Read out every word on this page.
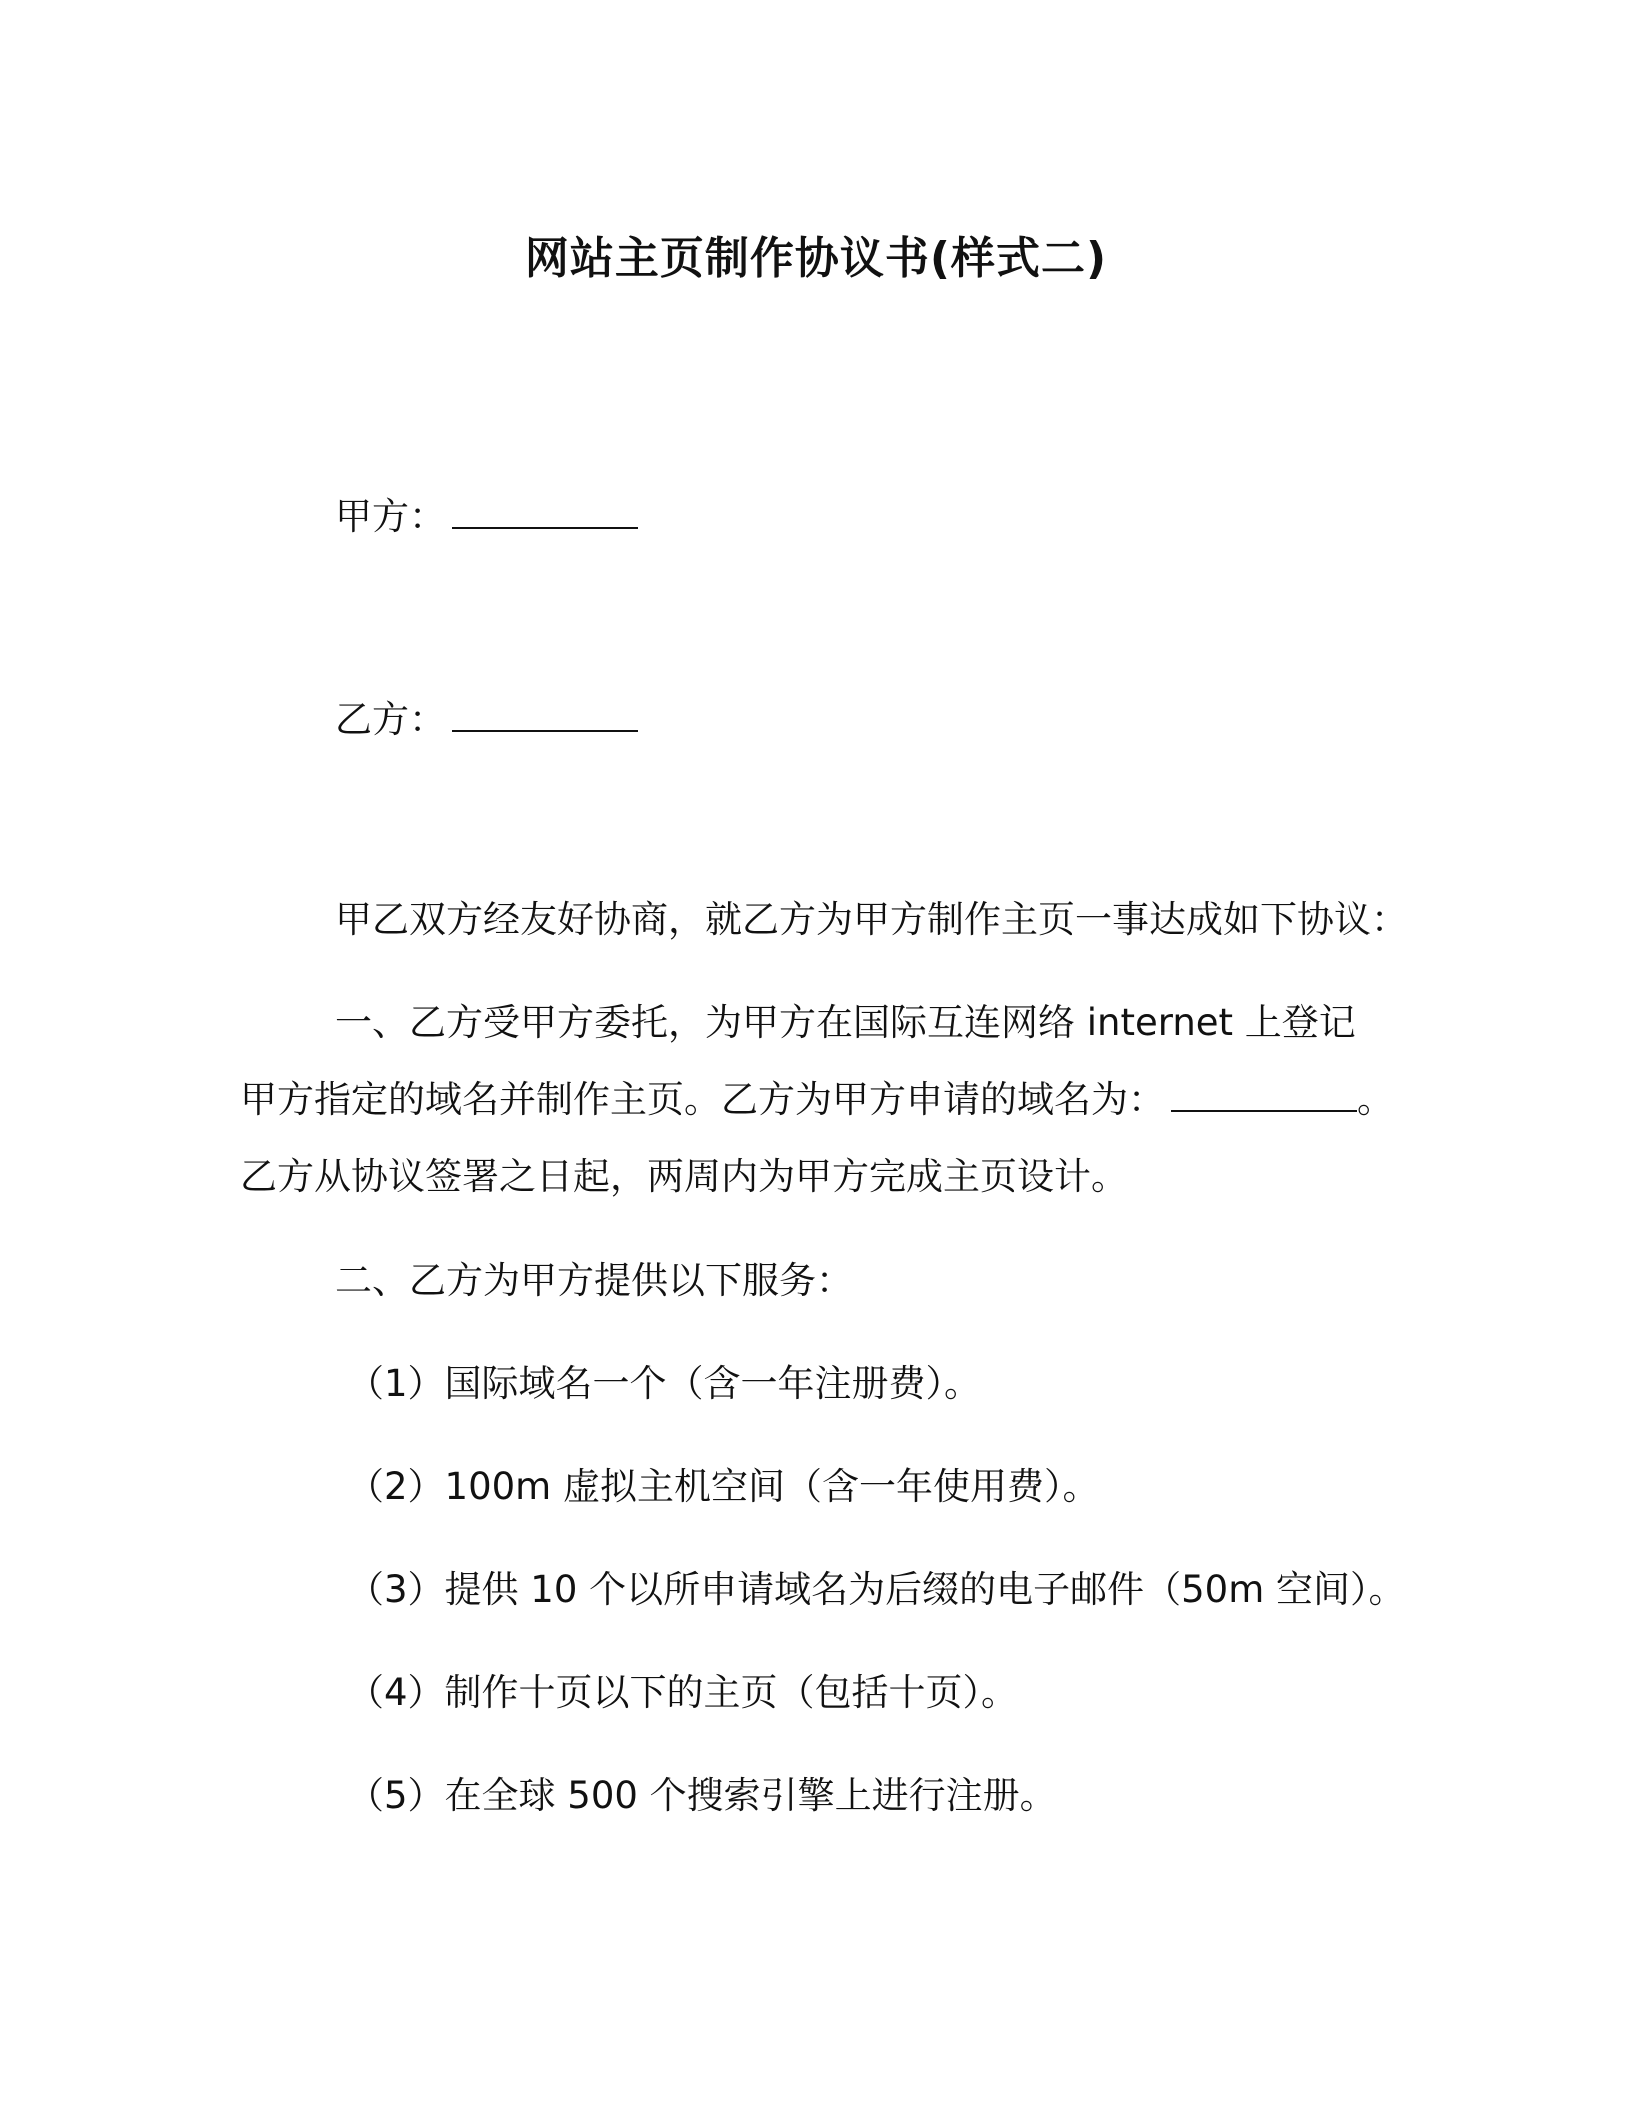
网站主页制作协议书(样式二)
甲方：
乙方：
甲乙双方经友好协商，就乙方为甲方制作主页一事达成如下协议：
一、乙方受甲方委托，为甲方在国际互连网络 internet 上登记
甲方指定的域名并制作主页。乙方为甲方申请的域名为：	。
乙方从协议签署之日起，两周内为甲方完成主页设计。
二、乙方为甲方提供以下服务：
（1）国际域名一个（含一年注册费）。
（2）100m 虚拟主机空间（含一年使用费）。
（3）提供 10 个以所申请域名为后缀的电子邮件（50m 空间）。
（4）制作十页以下的主页（包括十页）。
（5）在全球 500 个搜索引擎上进行注册。
